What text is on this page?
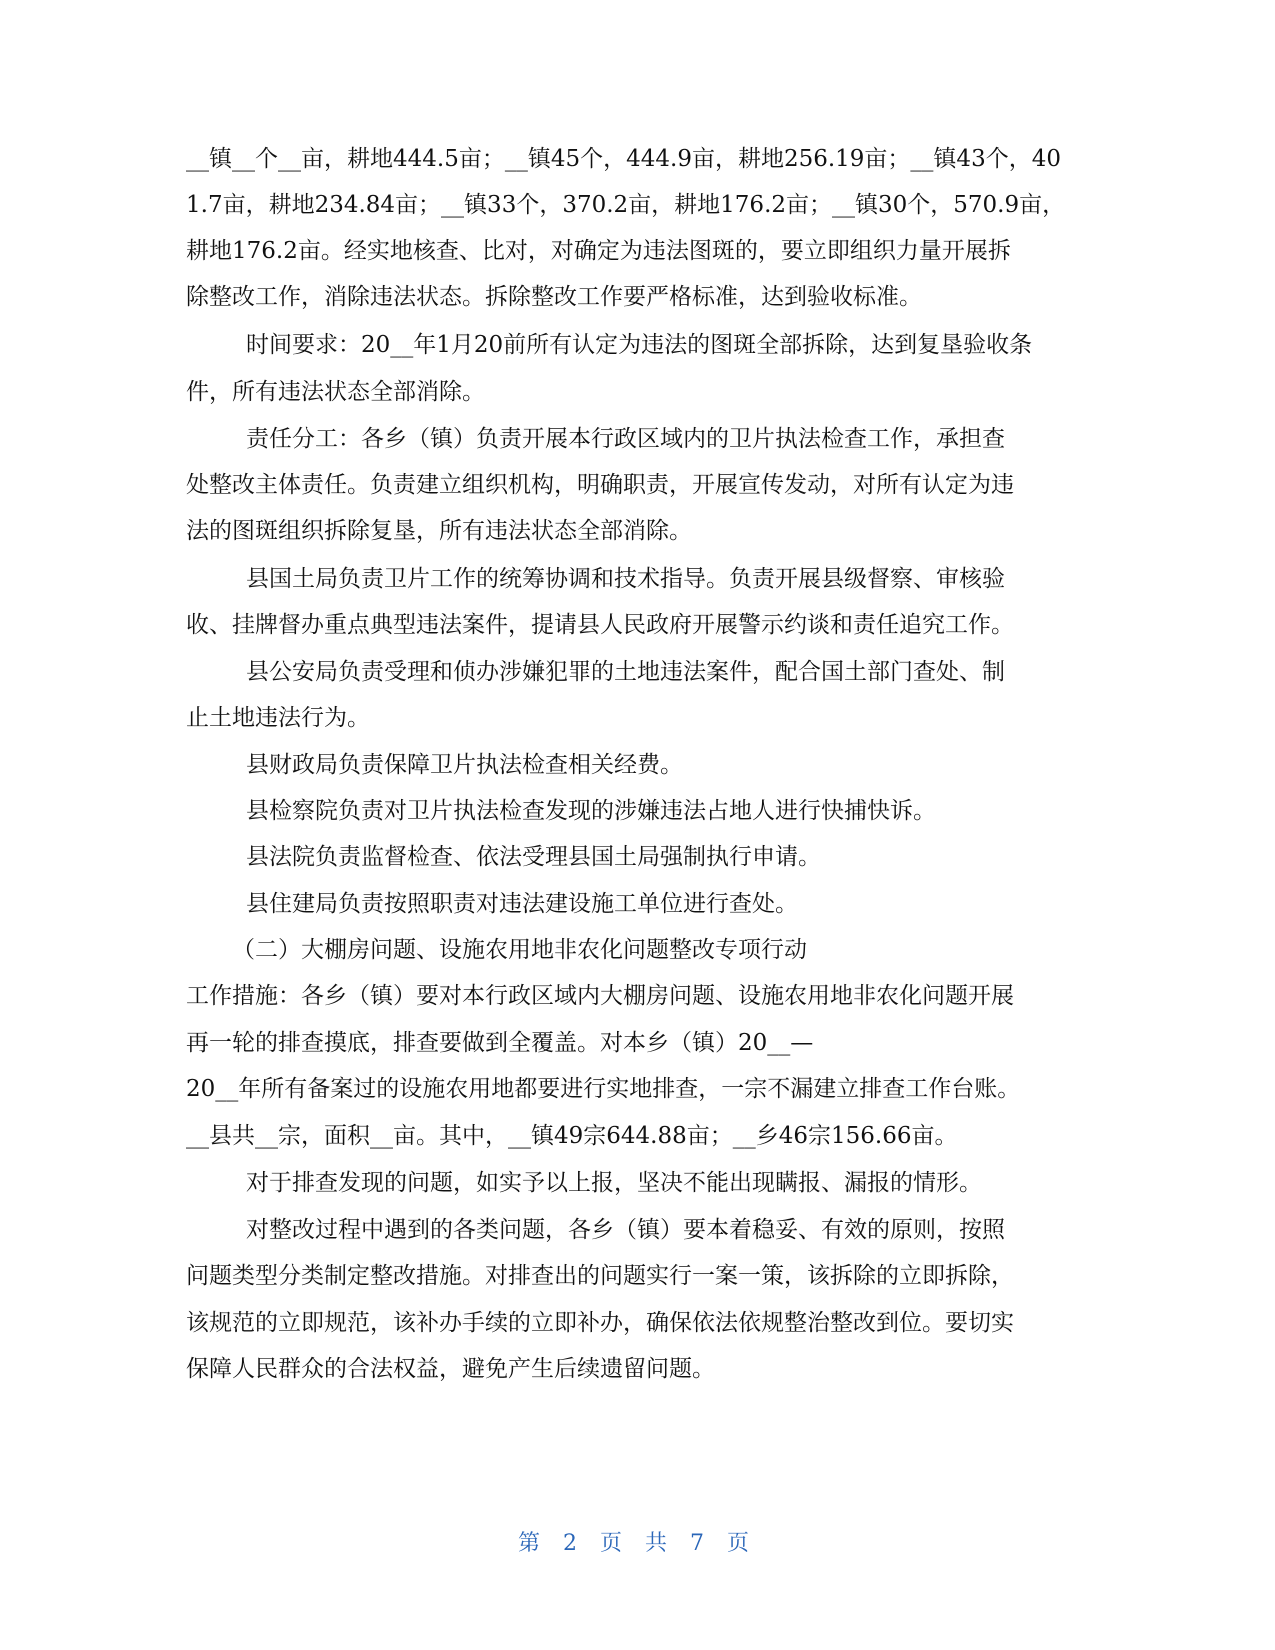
__镇__个__亩，耕地444.5亩；__镇45个，444.9亩，耕地256.19亩；__镇43个，40
1.7亩，耕地234.84亩；__镇33个，370.2亩，耕地176.2亩；__镇30个，570.9亩，
耕地176.2亩。经实地核查、比对，对确定为违法图斑的，要立即组织力量开展拆
除整改工作，消除违法状态。拆除整改工作要严格标准，达到验收标准。
时间要求：20__年1月20前所有认定为违法的图斑全部拆除，达到复垦验收条
件，所有违法状态全部消除。
责任分工：各乡（镇）负责开展本行政区域内的卫片执法检查工作，承担查
处整改主体责任。负责建立组织机构，明确职责，开展宣传发动，对所有认定为违
法的图斑组织拆除复垦，所有违法状态全部消除。
县国土局负责卫片工作的统筹协调和技术指导。负责开展县级督察、审核验
收、挂牌督办重点典型违法案件，提请县人民政府开展警示约谈和责任追究工作。
县公安局负责受理和侦办涉嫌犯罪的土地违法案件，配合国土部门查处、制
止土地违法行为。
县财政局负责保障卫片执法检查相关经费。
县检察院负责对卫片执法检查发现的涉嫌违法占地人进行快捕快诉。
县法院负责监督检查、依法受理县国土局强制执行申请。
县住建局负责按照职责对违法建设施工单位进行查处。
（二）大棚房问题、设施农用地非农化问题整改专项行动
工作措施：各乡（镇）要对本行政区域内大棚房问题、设施农用地非农化问题开展
再一轮的排查摸底，排查要做到全覆盖。对本乡（镇）20__—
20__年所有备案过的设施农用地都要进行实地排查，一宗不漏建立排查工作台账。
__县共__宗，面积__亩。其中，__镇49宗644.88亩；__乡46宗156.66亩。
对于排查发现的问题，如实予以上报，坚决不能出现瞒报、漏报的情形。
对整改过程中遇到的各类问题，各乡（镇）要本着稳妥、有效的原则，按照
问题类型分类制定整改措施。对排查出的问题实行一案一策，该拆除的立即拆除，
该规范的立即规范，该补办手续的立即补办，确保依法依规整治整改到位。要切实
保障人民群众的合法权益，避免产生后续遗留问题。
第 2 页 共 7 页
